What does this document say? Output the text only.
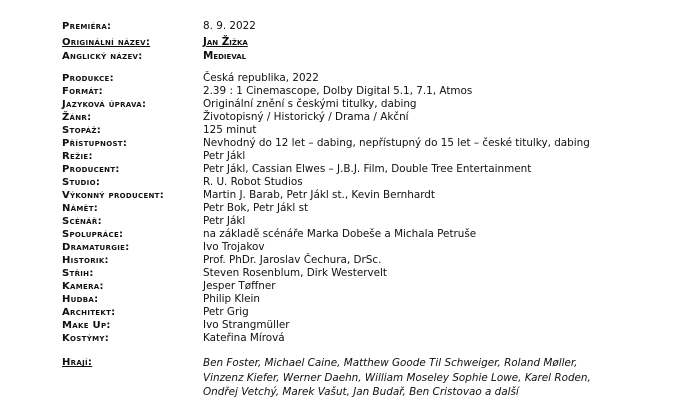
Premiéra:	8. 9. 2022
Originální název:	Jan Žižka
Anglický název:	Medieval
Produkce:	Česká republika, 2022
Formát:	2.39 : 1 Cinemascope, Dolby Digital 5.1, 7.1, Atmos
Jazyková úprava:	Originální znění s českými titulky, dabing
Žánr:	Životopisný / Historický / Drama / Akční
Stopáž:	125 minut
Přístupnost:	Nevhodný do 12 let – dabing, nepřístupný do 15 let – české titulky, dabing
Režie:	Petr Jákl
Producent:	Petr Jákl, Cassian Elwes – J.B.J. Film, Double Tree Entertainment
Studio:	R. U. Robot Studios
Výkonný producent:	Martin J. Barab, Petr Jákl st., Kevin Bernhardt
Námět:	Petr Bok, Petr Jákl st
Scénář:	Petr Jákl
Spolupráce:	na základě scénáře Marka Dobeše a Michala Petruše
Dramaturgie:	Ivo Trojakov
Historik:	Prof. PhDr. Jaroslav Čechura, DrSc.
Střih:	Steven Rosenblum, Dirk Westervelt
Kamera:	Jesper Tøffner
Hudba:	Philip Klein
Architekt:	Petr Grig
Make Up:	Ivo Strangmüller
Kostýmy:	Kateřina Mírová
Hrají:	Ben Foster, Michael Caine, Matthew Goode Til Schweiger, Roland Møller,
Vinzenz Kiefer, Werner Daehn, William Moseley Sophie Lowe, Karel Roden,
Ondřej Vetchý, Marek Vašut, Jan Budař, Ben Cristovao a další
